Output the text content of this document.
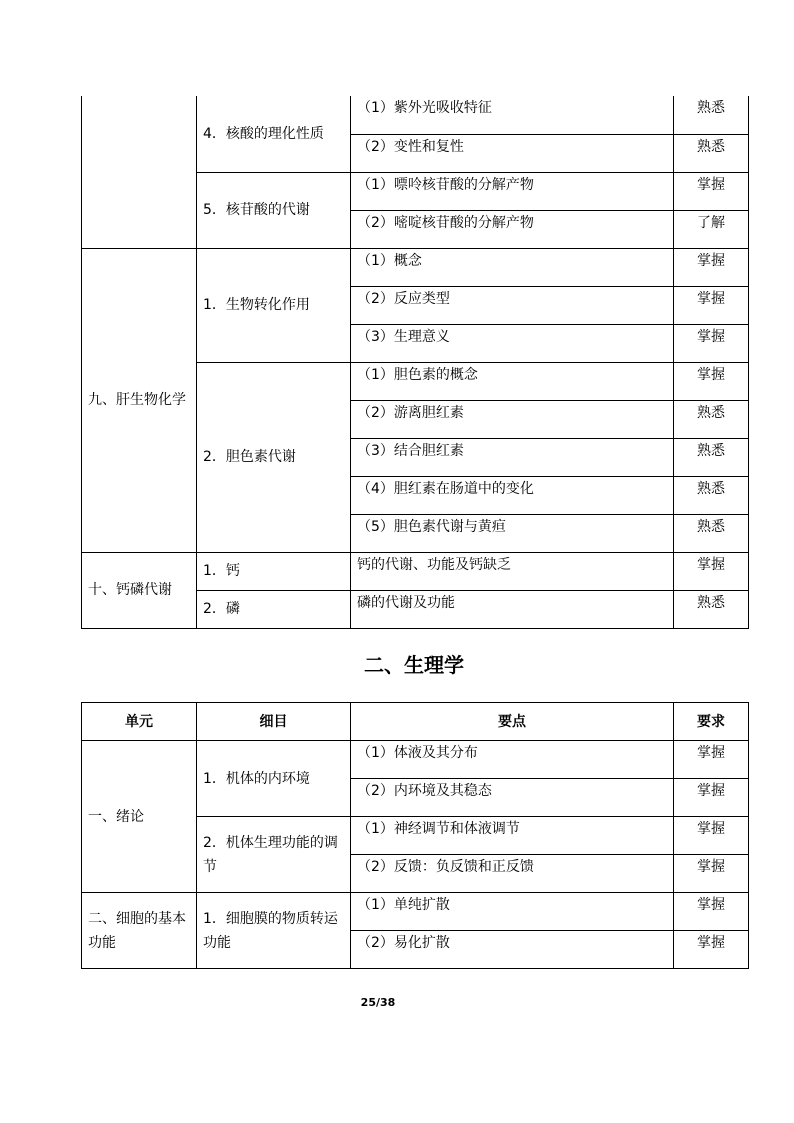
	4．核酸的理化性质	（1）紫外光吸收特征	熟悉
		（2）变性和复性	熟悉
	5．核苷酸的代谢	（1）嘌呤核苷酸的分解产物	掌握
		（2）嘧啶核苷酸的分解产物	了解
九、肝生物化学	1．生物转化作用	（1）概念	掌握
		（2）反应类型	掌握
		（3）生理意义	掌握
	2．胆色素代谢	（1）胆色素的概念	掌握
		（2）游离胆红素	熟悉
		（3）结合胆红素	熟悉
		（4）胆红素在肠道中的变化	熟悉
		（5）胆色素代谢与黄疸	熟悉
十、钙磷代谢	1．钙	钙的代谢、功能及钙缺乏	掌握
	2．磷	磷的代谢及功能	熟悉
二、生理学
单元	细目	要点	要求
一、绪论	1．机体的内环境	（1）体液及其分布	掌握
		（2）内环境及其稳态	掌握
	2．机体生理功能的调节	（1）神经调节和体液调节	掌握
		（2）反馈：负反馈和正反馈	掌握
二、细胞的基本功能	1．细胞膜的物质转运功能	（1）单纯扩散	掌握
		（2）易化扩散	掌握
25/38
